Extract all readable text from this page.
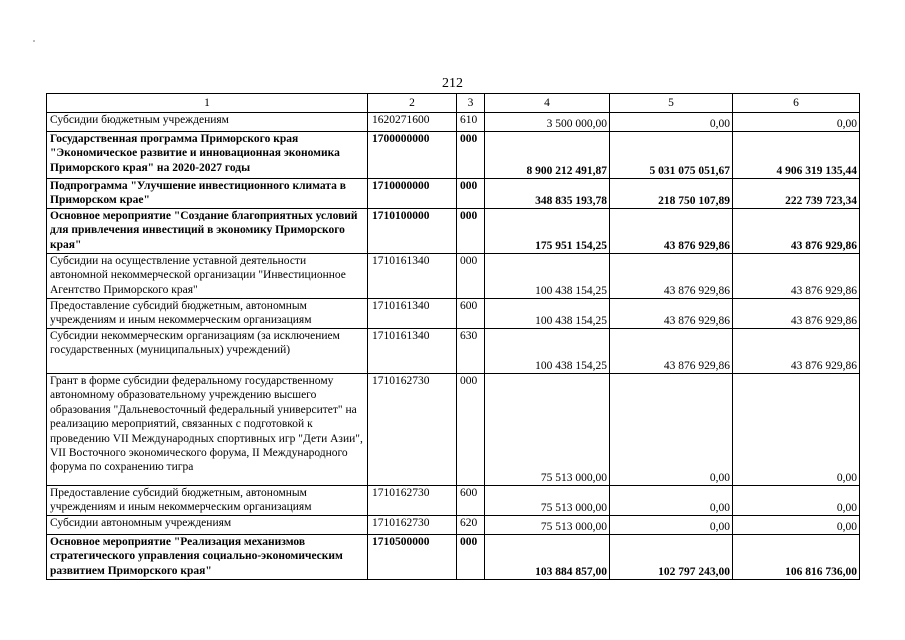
212
1	2	3	4	5	6
Субсидии бюджетным учреждениям	1620271600	610	3 500 000,00	0,00	0,00
Государственная программа Приморского края "Экономическое развитие и инновационная экономика Приморского края" на 2020-2027 годы	1700000000	000	8 900 212 491,87	5 031 075 051,67	4 906 319 135,44
Подпрограмма "Улучшение инвестиционного климата в Приморском крае"	1710000000	000	348 835 193,78	218 750 107,89	222 739 723,34
Основное мероприятие "Создание благоприятных условий для привлечения инвестиций в экономику Приморского края"	1710100000	000	175 951 154,25	43 876 929,86	43 876 929,86
Субсидии на осуществление уставной деятельности автономной некоммерческой организации "Инвестиционное Агентство Приморского края"	1710161340	000	100 438 154,25	43 876 929,86	43 876 929,86
Предоставление субсидий бюджетным, автономным учреждениям и иным некоммерческим организациям	1710161340	600	100 438 154,25	43 876 929,86	43 876 929,86
Субсидии некоммерческим организациям (за исключением государственных (муниципальных) учреждений)	1710161340	630	100 438 154,25	43 876 929,86	43 876 929,86
Грант в форме субсидии федеральному государственному автономному образовательному учреждению высшего образования "Дальневосточный федеральный университет" на реализацию мероприятий, связанных с подготовкой к проведению VII Международных спортивных игр "Дети Азии", VII Восточного экономического форума, II Международного форума по сохранению тигра	1710162730	000	75 513 000,00	0,00	0,00
Предоставление субсидий бюджетным, автономным учреждениям и иным некоммерческим организациям	1710162730	600	75 513 000,00	0,00	0,00
Субсидии автономным учреждениям	1710162730	620	75 513 000,00	0,00	0,00
Основное мероприятие "Реализация механизмов стратегического управления социально-экономическим развитием Приморского края"	1710500000	000	103 884 857,00	102 797 243,00	106 816 736,00
